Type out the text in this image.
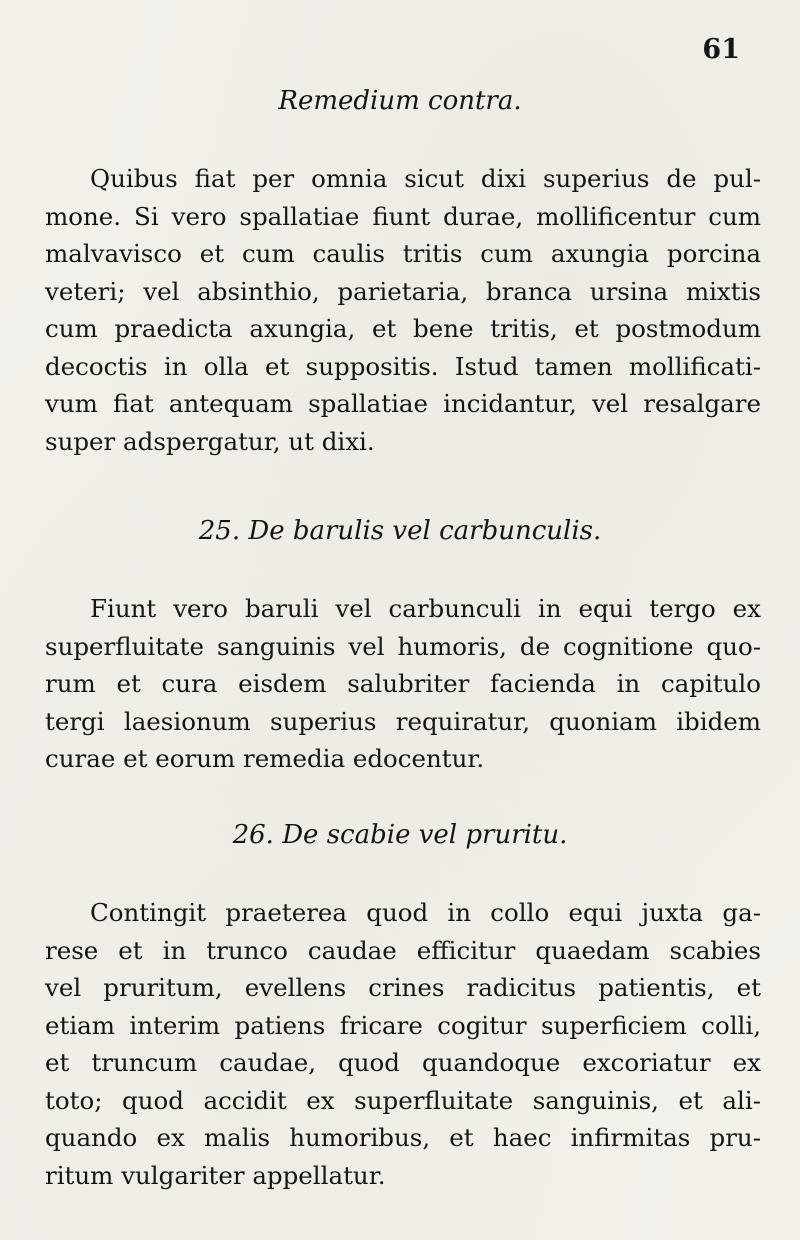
61
Remedium contra.
Quibus fiat per omnia sicut dixi superius de pul-
mone. Si vero spallatiae fiunt durae, mollificentur cum
malvavisco et cum caulis tritis cum axungia porcina
veteri; vel absinthio, parietaria, branca ursina mixtis
cum praedicta axungia, et bene tritis, et postmodum
decoctis in olla et suppositis. Istud tamen mollificati-
vum fiat antequam spallatiae incidantur, vel resalgare
super adspergatur, ut dixi.
25. De barulis vel carbunculis.
Fiunt vero baruli vel carbunculi in equi tergo ex
superfluitate sanguinis vel humoris, de cognitione quo-
rum et cura eisdem salubriter facienda in capitulo
tergi laesionum superius requiratur, quoniam ibidem
curae et eorum remedia edocentur.
26. De scabie vel pruritu.
Contingit praeterea quod in collo equi juxta ga-
rese et in trunco caudae efficitur quaedam scabies
vel pruritum, evellens crines radicitus patientis, et
etiam interim patiens fricare cogitur superficiem colli,
et truncum caudae, quod quandoque excoriatur ex
toto; quod accidit ex superfluitate sanguinis, et ali-
quando ex malis humoribus, et haec infirmitas pru-
ritum vulgariter appellatur.
